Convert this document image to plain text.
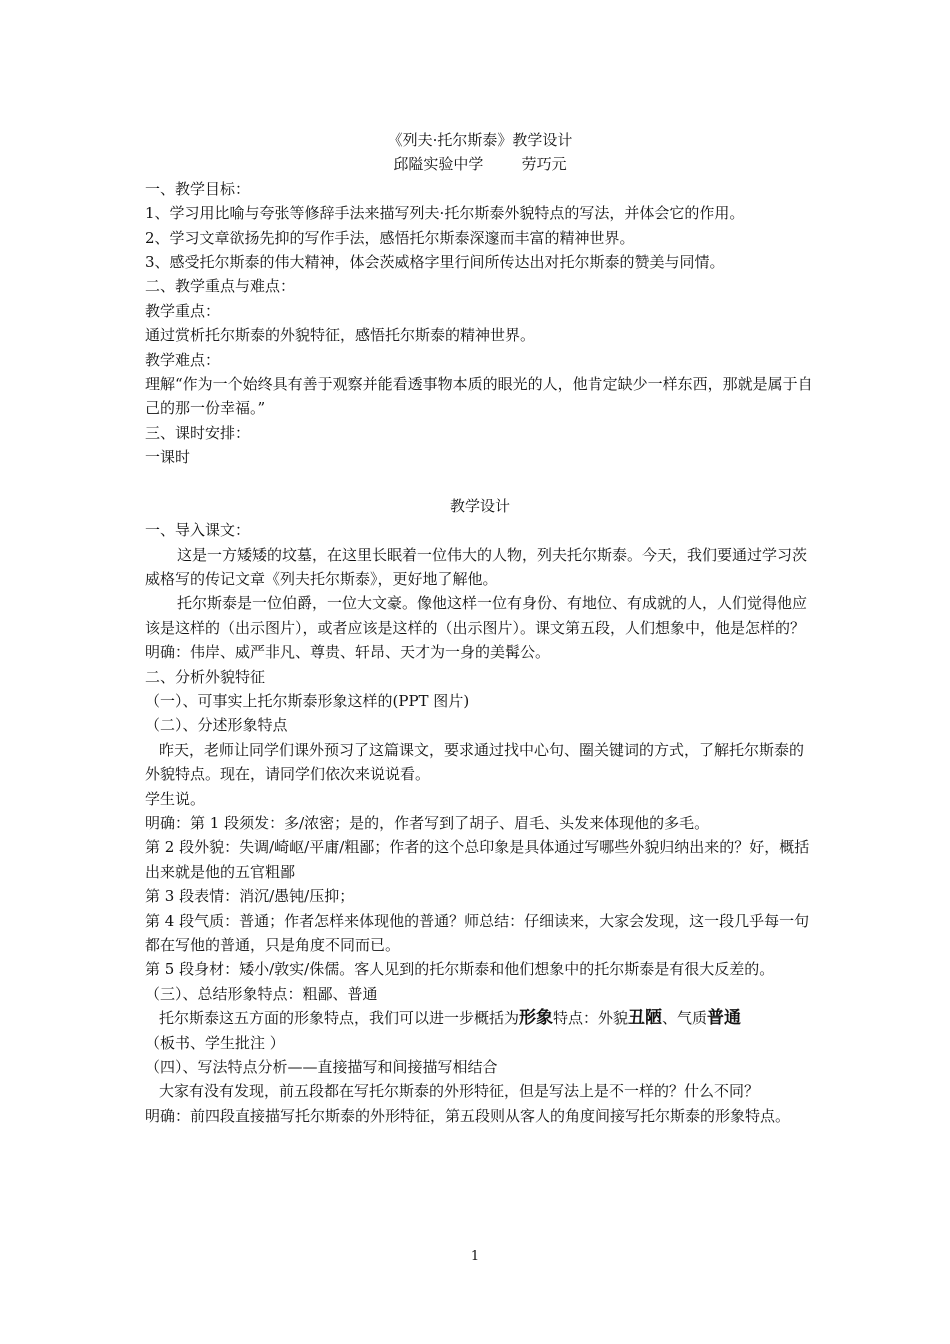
《列夫·托尔斯泰》教学设计

邱隘实验中学        劳巧元

一、教学目标：

1、学习用比喻与夸张等修辞手法来描写列夫·托尔斯泰外貌特点的写法，并体会它的作用。

2、学习文章欲扬先抑的写作手法，感悟托尔斯泰深邃而丰富的精神世界。

3、感受托尔斯泰的伟大精神，体会茨威格字里行间所传达出对托尔斯泰的赞美与同情。

二、教学重点与难点：

教学重点：

通过赏析托尔斯泰的外貌特征，感悟托尔斯泰的精神世界。

教学难点：

理解“作为一个始终具有善于观察并能看透事物本质的眼光的人，他肯定缺少一样东西，那就是属于自己的那一份幸福。”

三、课时安排：

一课时

教学设计

一、导入课文：

这是一方矮矮的坟墓，在这里长眠着一位伟大的人物，列夫托尔斯泰。今天，我们要通过学习茨威格写的传记文章《列夫托尔斯泰》，更好地了解他。

托尔斯泰是一位伯爵，一位大文豪。像他这样一位有身份、有地位、有成就的人，人们觉得他应该是这样的（出示图片），或者应该是这样的（出示图片）。课文第五段，人们想象中，他是怎样的？

明确：伟岸、威严非凡、尊贵、轩昂、天才为一身的美髯公。

二、分析外貌特征

（一）、可事实上托尔斯泰形象这样的(PPT 图片)

（二）、分述形象特点

昨天，老师让同学们课外预习了这篇课文，要求通过找中心句、圈关键词的方式，了解托尔斯泰的外貌特点。现在，请同学们依次来说说看。

学生说。

明确：第 1 段须发：多/浓密；是的，作者写到了胡子、眉毛、头发来体现他的多毛。

第 2 段外貌：失调/崎岖/平庸/粗鄙；作者的这个总印象是具体通过写哪些外貌归纳出来的？好，概括出来就是他的五官粗鄙

第 3 段表情：消沉/愚钝/压抑；

第 4 段气质：普通；作者怎样来体现他的普通？师总结：仔细读来，大家会发现，这一段几乎每一句都在写他的普通，只是角度不同而已。

第 5 段身材：矮小/敦实/侏儒。客人见到的托尔斯泰和他们想象中的托尔斯泰是有很大反差的。

（三）、总结形象特点：粗鄙、普通

托尔斯泰这五方面的形象特点，我们可以进一步概括为形象特点：外貌丑陋、气质普通

（板书、学生批注 ）

（四）、写法特点分析——直接描写和间接描写相结合

大家有没有发现，前五段都在写托尔斯泰的外形特征，但是写法上是不一样的？什么不同？

明确：前四段直接描写托尔斯泰的外形特征，第五段则从客人的角度间接写托尔斯泰的形象特点。

1
